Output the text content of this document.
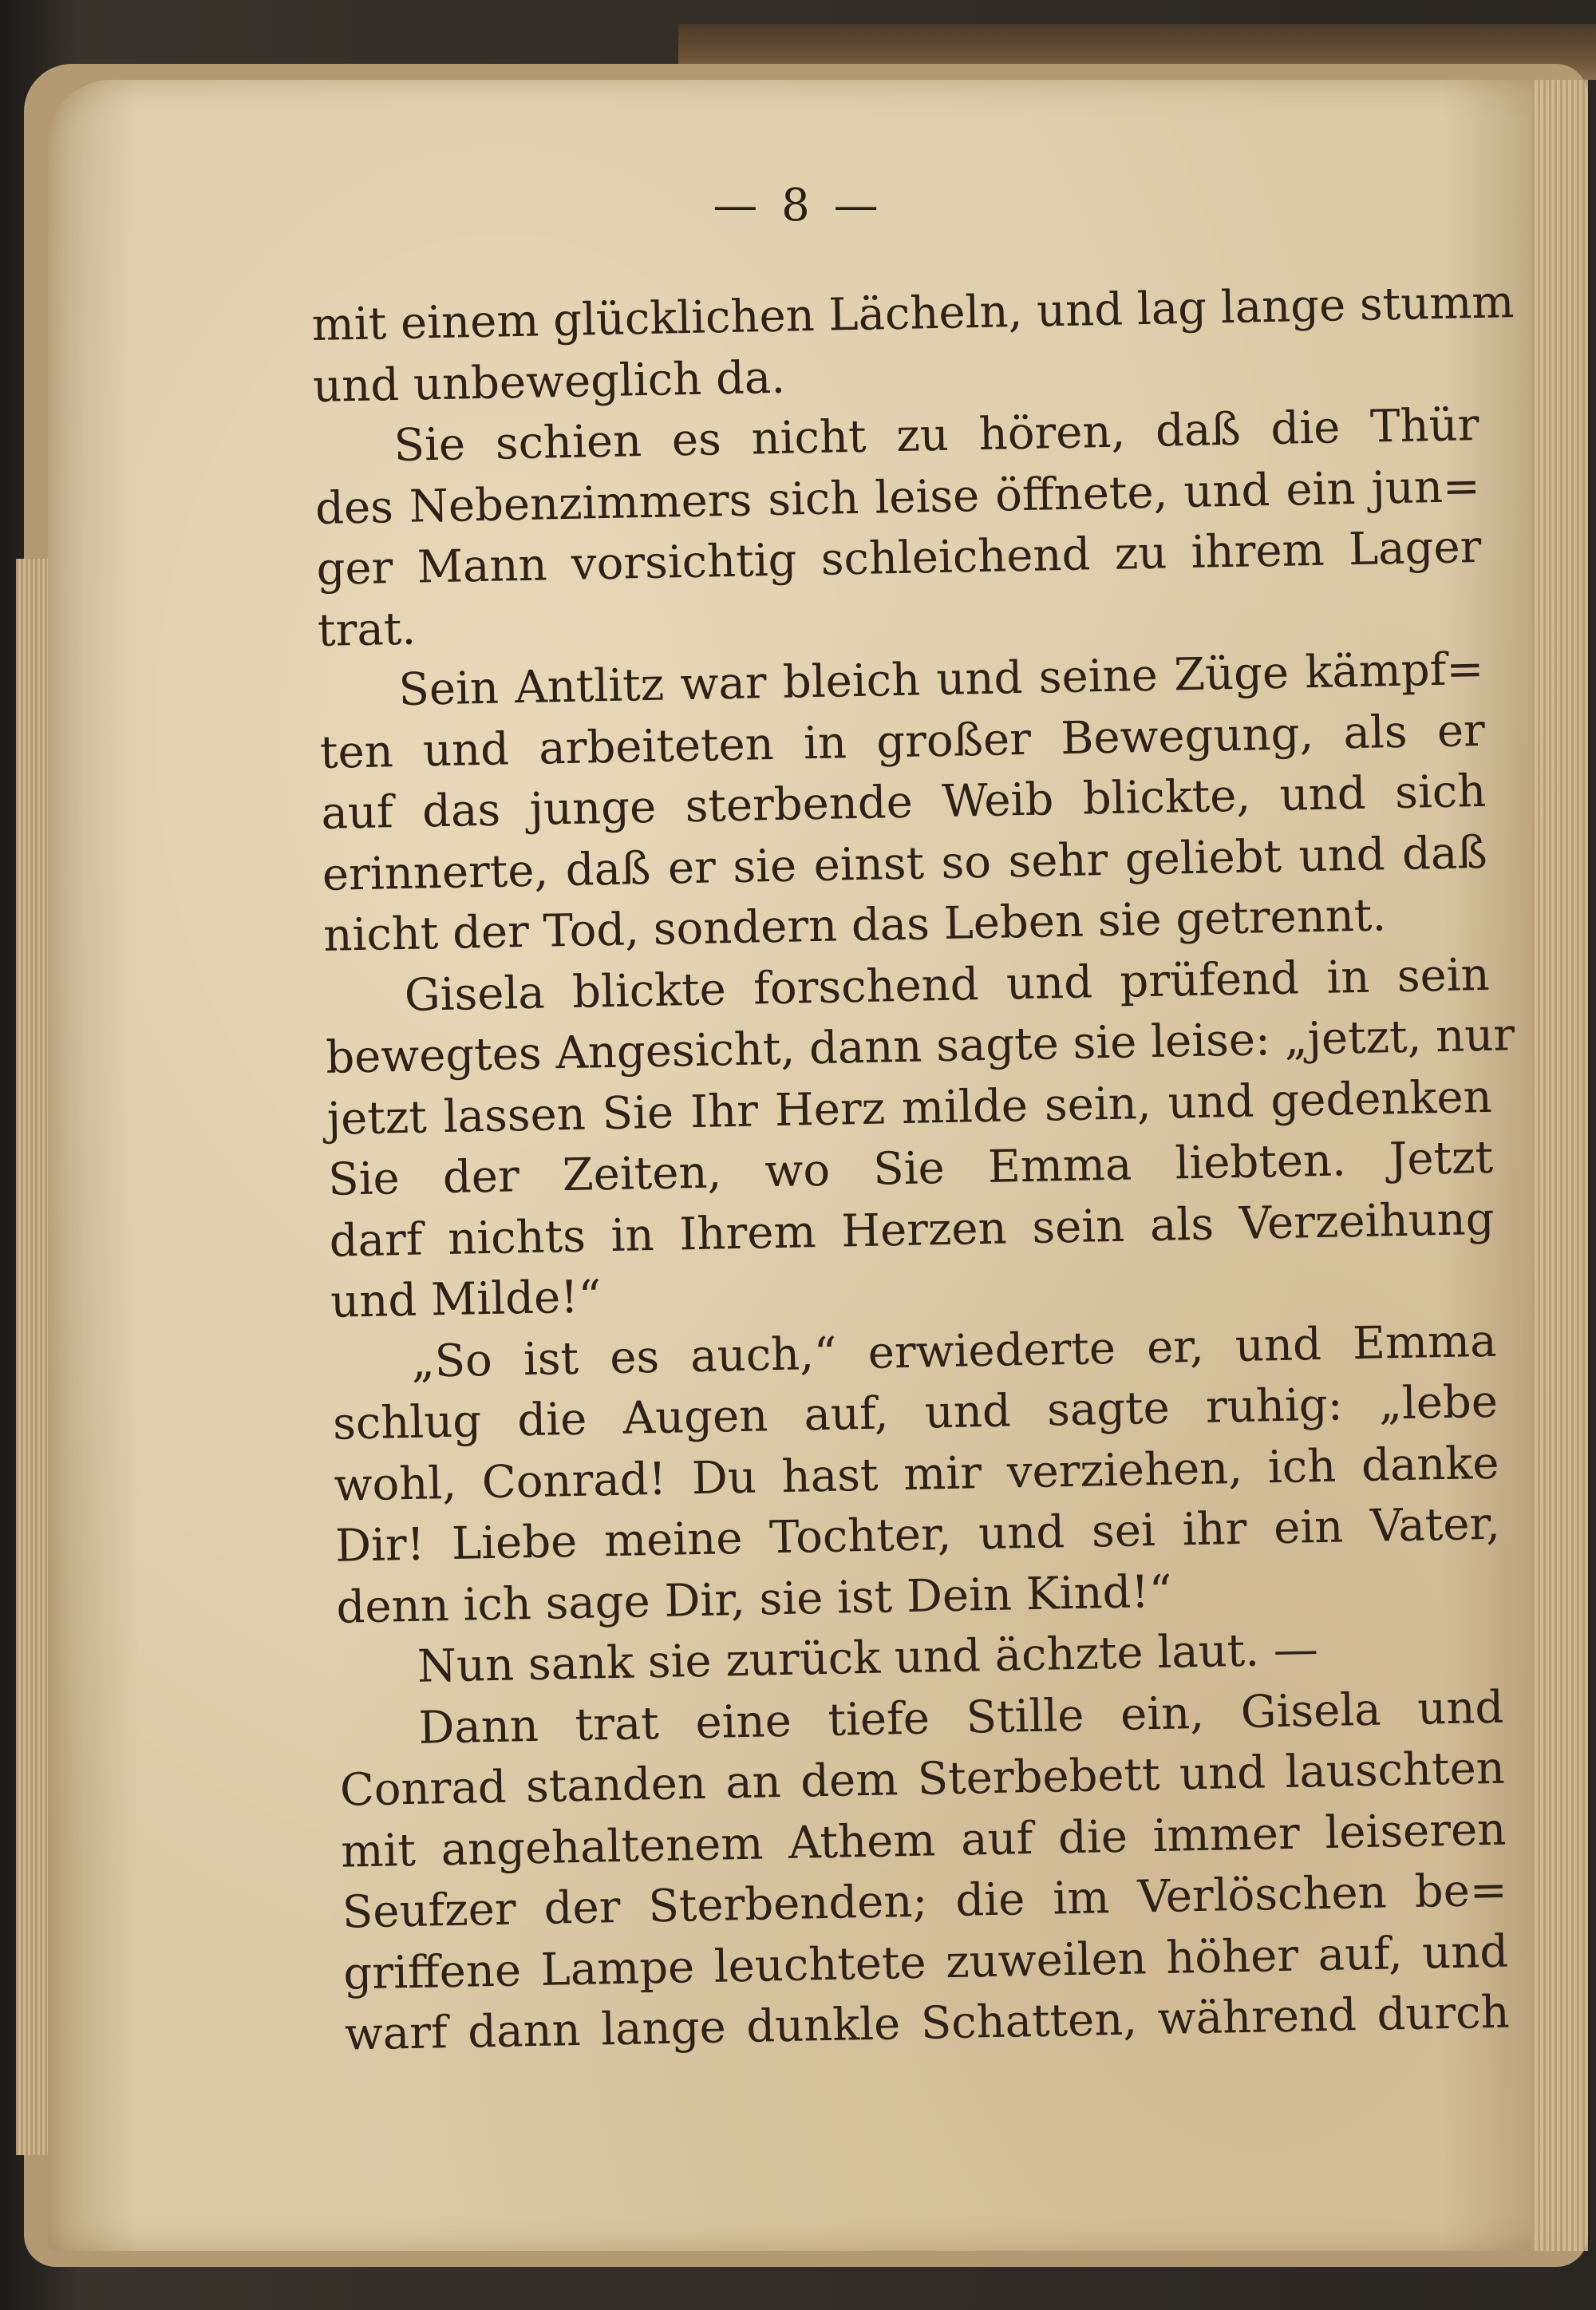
— 8 —
mit einem glücklichen Lächeln, und lag lange stumm
und unbeweglich da.
Sie schien es nicht zu hören, daß die Thür
des Nebenzimmers sich leise öffnete, und ein jun=
ger Mann vorsichtig schleichend zu ihrem Lager
trat.
Sein Antlitz war bleich und seine Züge kämpf=
ten und arbeiteten in großer Bewegung, als er
auf das junge sterbende Weib blickte, und sich
erinnerte, daß er sie einst so sehr geliebt und daß
nicht der Tod, sondern das Leben sie getrennt.
Gisela blickte forschend und prüfend in sein
bewegtes Angesicht, dann sagte sie leise: „jetzt, nur
jetzt lassen Sie Ihr Herz milde sein, und gedenken
Sie der Zeiten, wo Sie Emma liebten. Jetzt
darf nichts in Ihrem Herzen sein als Verzeihung
und Milde!“
„So ist es auch,“ erwiederte er, und Emma
schlug die Augen auf, und sagte ruhig: „lebe
wohl, Conrad! Du hast mir verziehen, ich danke
Dir! Liebe meine Tochter, und sei ihr ein Vater,
denn ich sage Dir, sie ist Dein Kind!“
Nun sank sie zurück und ächzte laut. —
Dann trat eine tiefe Stille ein, Gisela und
Conrad standen an dem Sterbebett und lauschten
mit angehaltenem Athem auf die immer leiseren
Seufzer der Sterbenden; die im Verlöschen be=
griffene Lampe leuchtete zuweilen höher auf, und
warf dann lange dunkle Schatten, während durch
